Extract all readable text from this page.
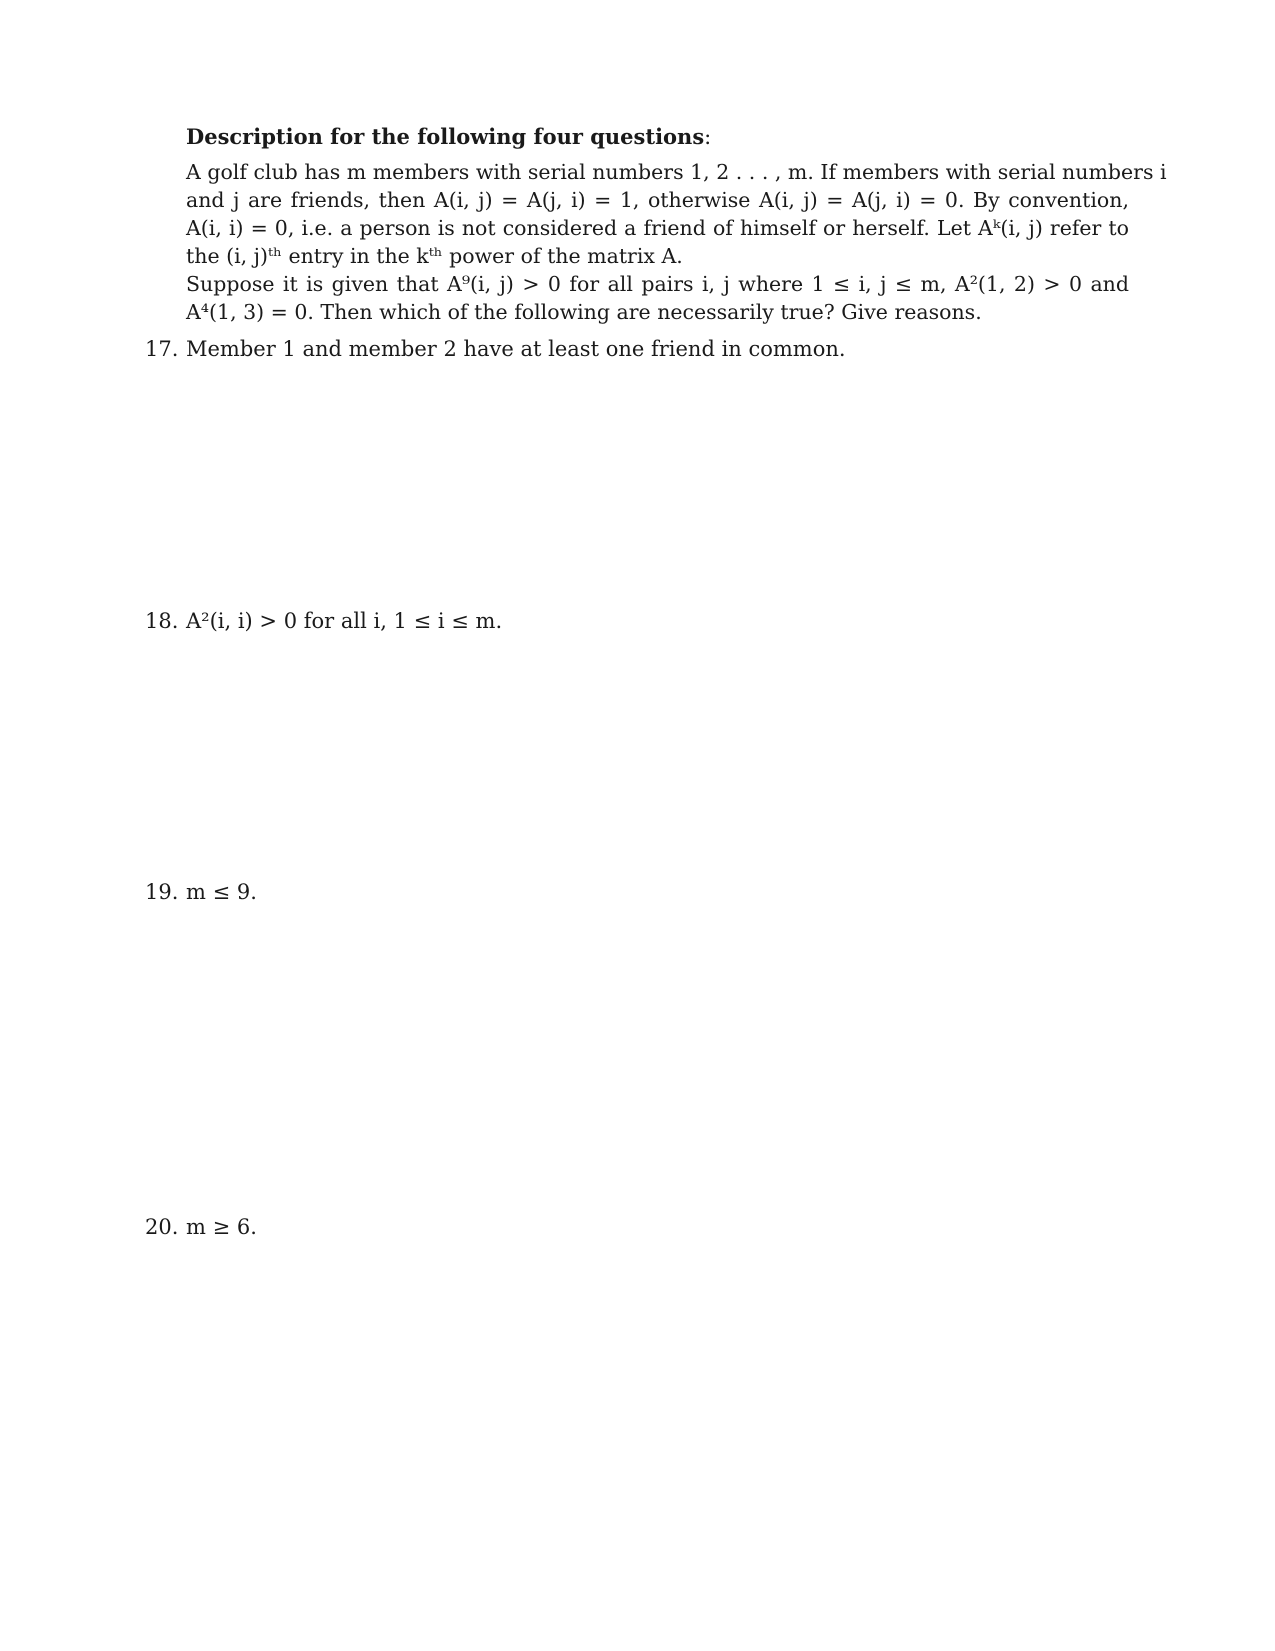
Description for the following four questions:
A golf club has m members with serial numbers 1, 2 . . . , m. If members with serial numbers i
and j are friends, then A(i, j) = A(j, i) = 1, otherwise A(i, j) = A(j, i) = 0. By convention,
A(i, i) = 0, i.e. a person is not considered a friend of himself or herself. Let Aᵏ(i, j) refer to
the (i, j)ᵗʰ entry in the kᵗʰ power of the matrix A.
Suppose it is given that A⁹(i, j) > 0 for all pairs i, j where 1 ≤ i, j ≤ m, A²(1, 2) > 0 and
A⁴(1, 3) = 0. Then which of the following are necessarily true? Give reasons.
17. Member 1 and member 2 have at least one friend in common.
18. A²(i, i) > 0 for all i, 1 ≤ i ≤ m.
19. m ≤ 9.
20. m ≥ 6.
